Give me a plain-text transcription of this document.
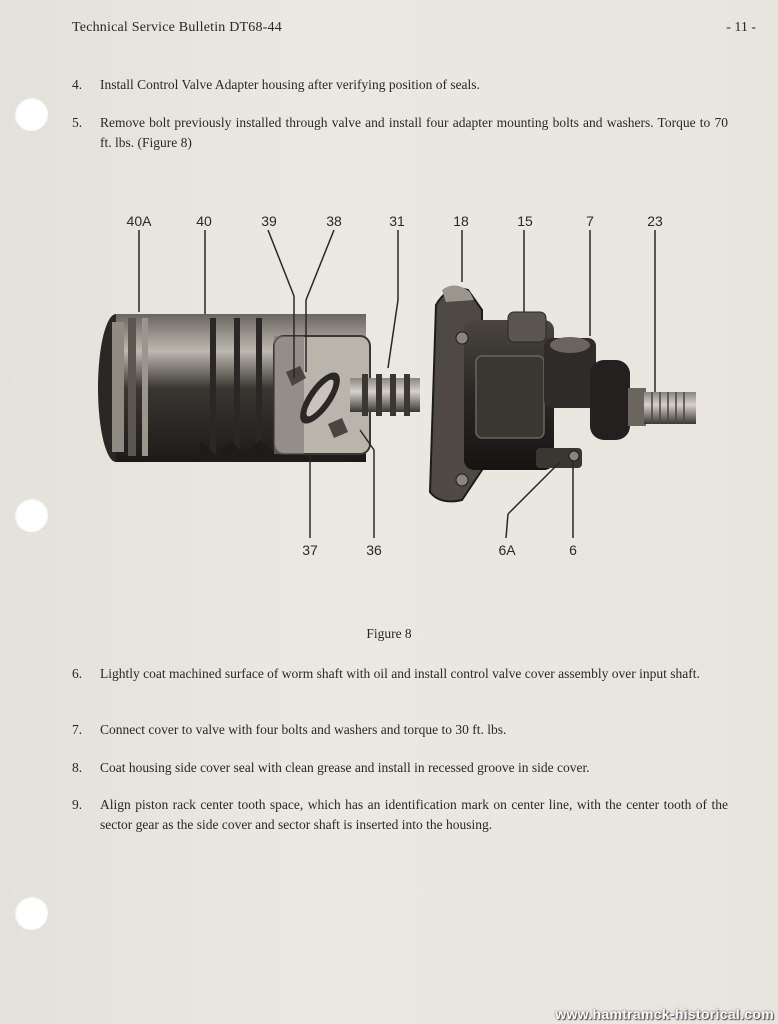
Technical Service Bulletin DT68-44	- 11 -
4.	Install Control Valve Adapter housing after verifying position of seals.
5.	Remove bolt previously installed through valve and install four adapter mounting bolts and washers. Torque to 70 ft. lbs. (Figure 8)
40A	40	39	38	31	18	15	7	23
37	36	6A	6
Figure 8
6.	Lightly coat machined surface of worm shaft with oil and install control valve cover assembly over input shaft.
7.	Connect cover to valve with four bolts and washers and torque to 30 ft. lbs.
8.	Coat housing side cover seal with clean grease and install in recessed groove in side cover.
9.	Align piston rack center tooth space, which has an identification mark on center line, with the center tooth of the sector gear as the side cover and sector shaft is inserted into the housing.
www.hamtramck-historical.com
